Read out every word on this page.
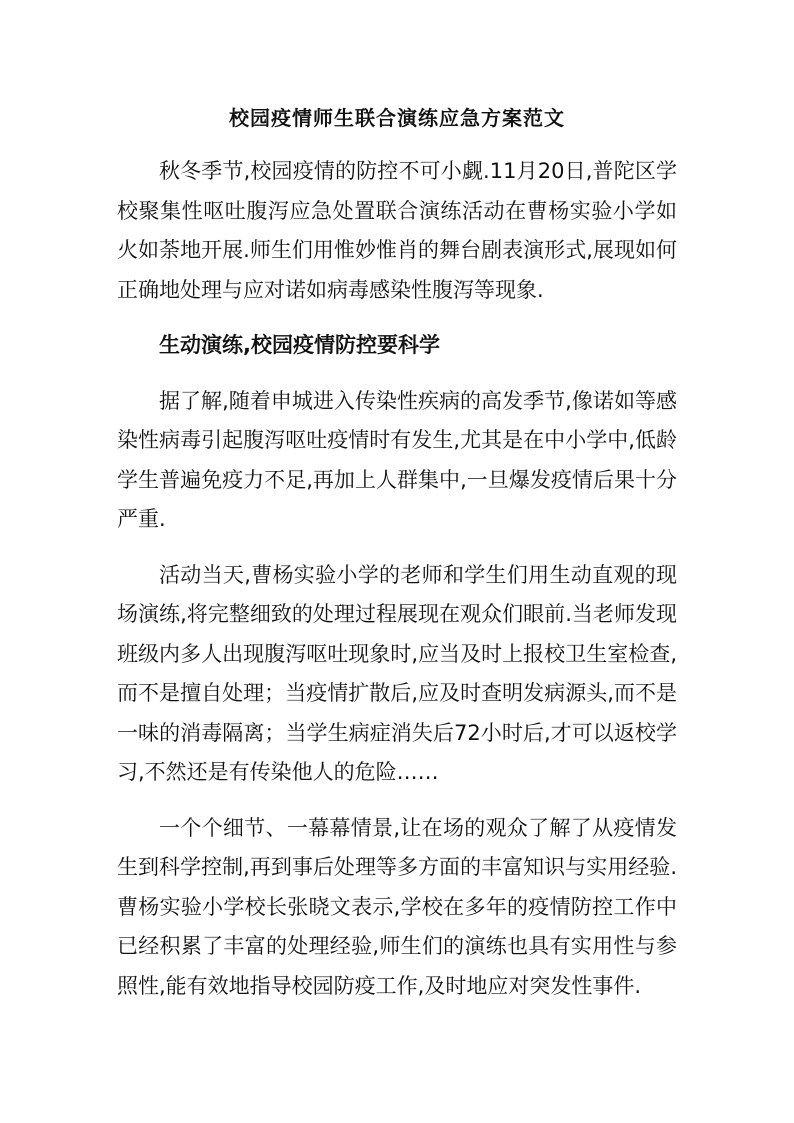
校园疫情师生联合演练应急方案范文

秋冬季节,校园疫情的防控不可小觑.11月20日,普陀区学校聚集性呕吐腹泻应急处置联合演练活动在曹杨实验小学如火如荼地开展.师生们用惟妙惟肖的舞台剧表演形式,展现如何正确地处理与应对诺如病毒感染性腹泻等现象.

生动演练,校园疫情防控要科学

据了解,随着申城进入传染性疾病的高发季节,像诺如等感染性病毒引起腹泻呕吐疫情时有发生,尤其是在中小学中,低龄学生普遍免疫力不足,再加上人群集中,一旦爆发疫情后果十分严重.

活动当天,曹杨实验小学的老师和学生们用生动直观的现场演练,将完整细致的处理过程展现在观众们眼前.当老师发现班级内多人出现腹泻呕吐现象时,应当及时上报校卫生室检查,而不是擅自处理；当疫情扩散后,应及时查明发病源头,而不是一味的消毒隔离；当学生病症消失后72小时后,才可以返校学习,不然还是有传染他人的危险……

一个个细节、一幕幕情景,让在场的观众了解了从疫情发生到科学控制,再到事后处理等多方面的丰富知识与实用经验.曹杨实验小学校长张晓文表示,学校在多年的疫情防控工作中已经积累了丰富的处理经验,师生们的演练也具有实用性与参照性,能有效地指导校园防疫工作,及时地应对突发性事件.
